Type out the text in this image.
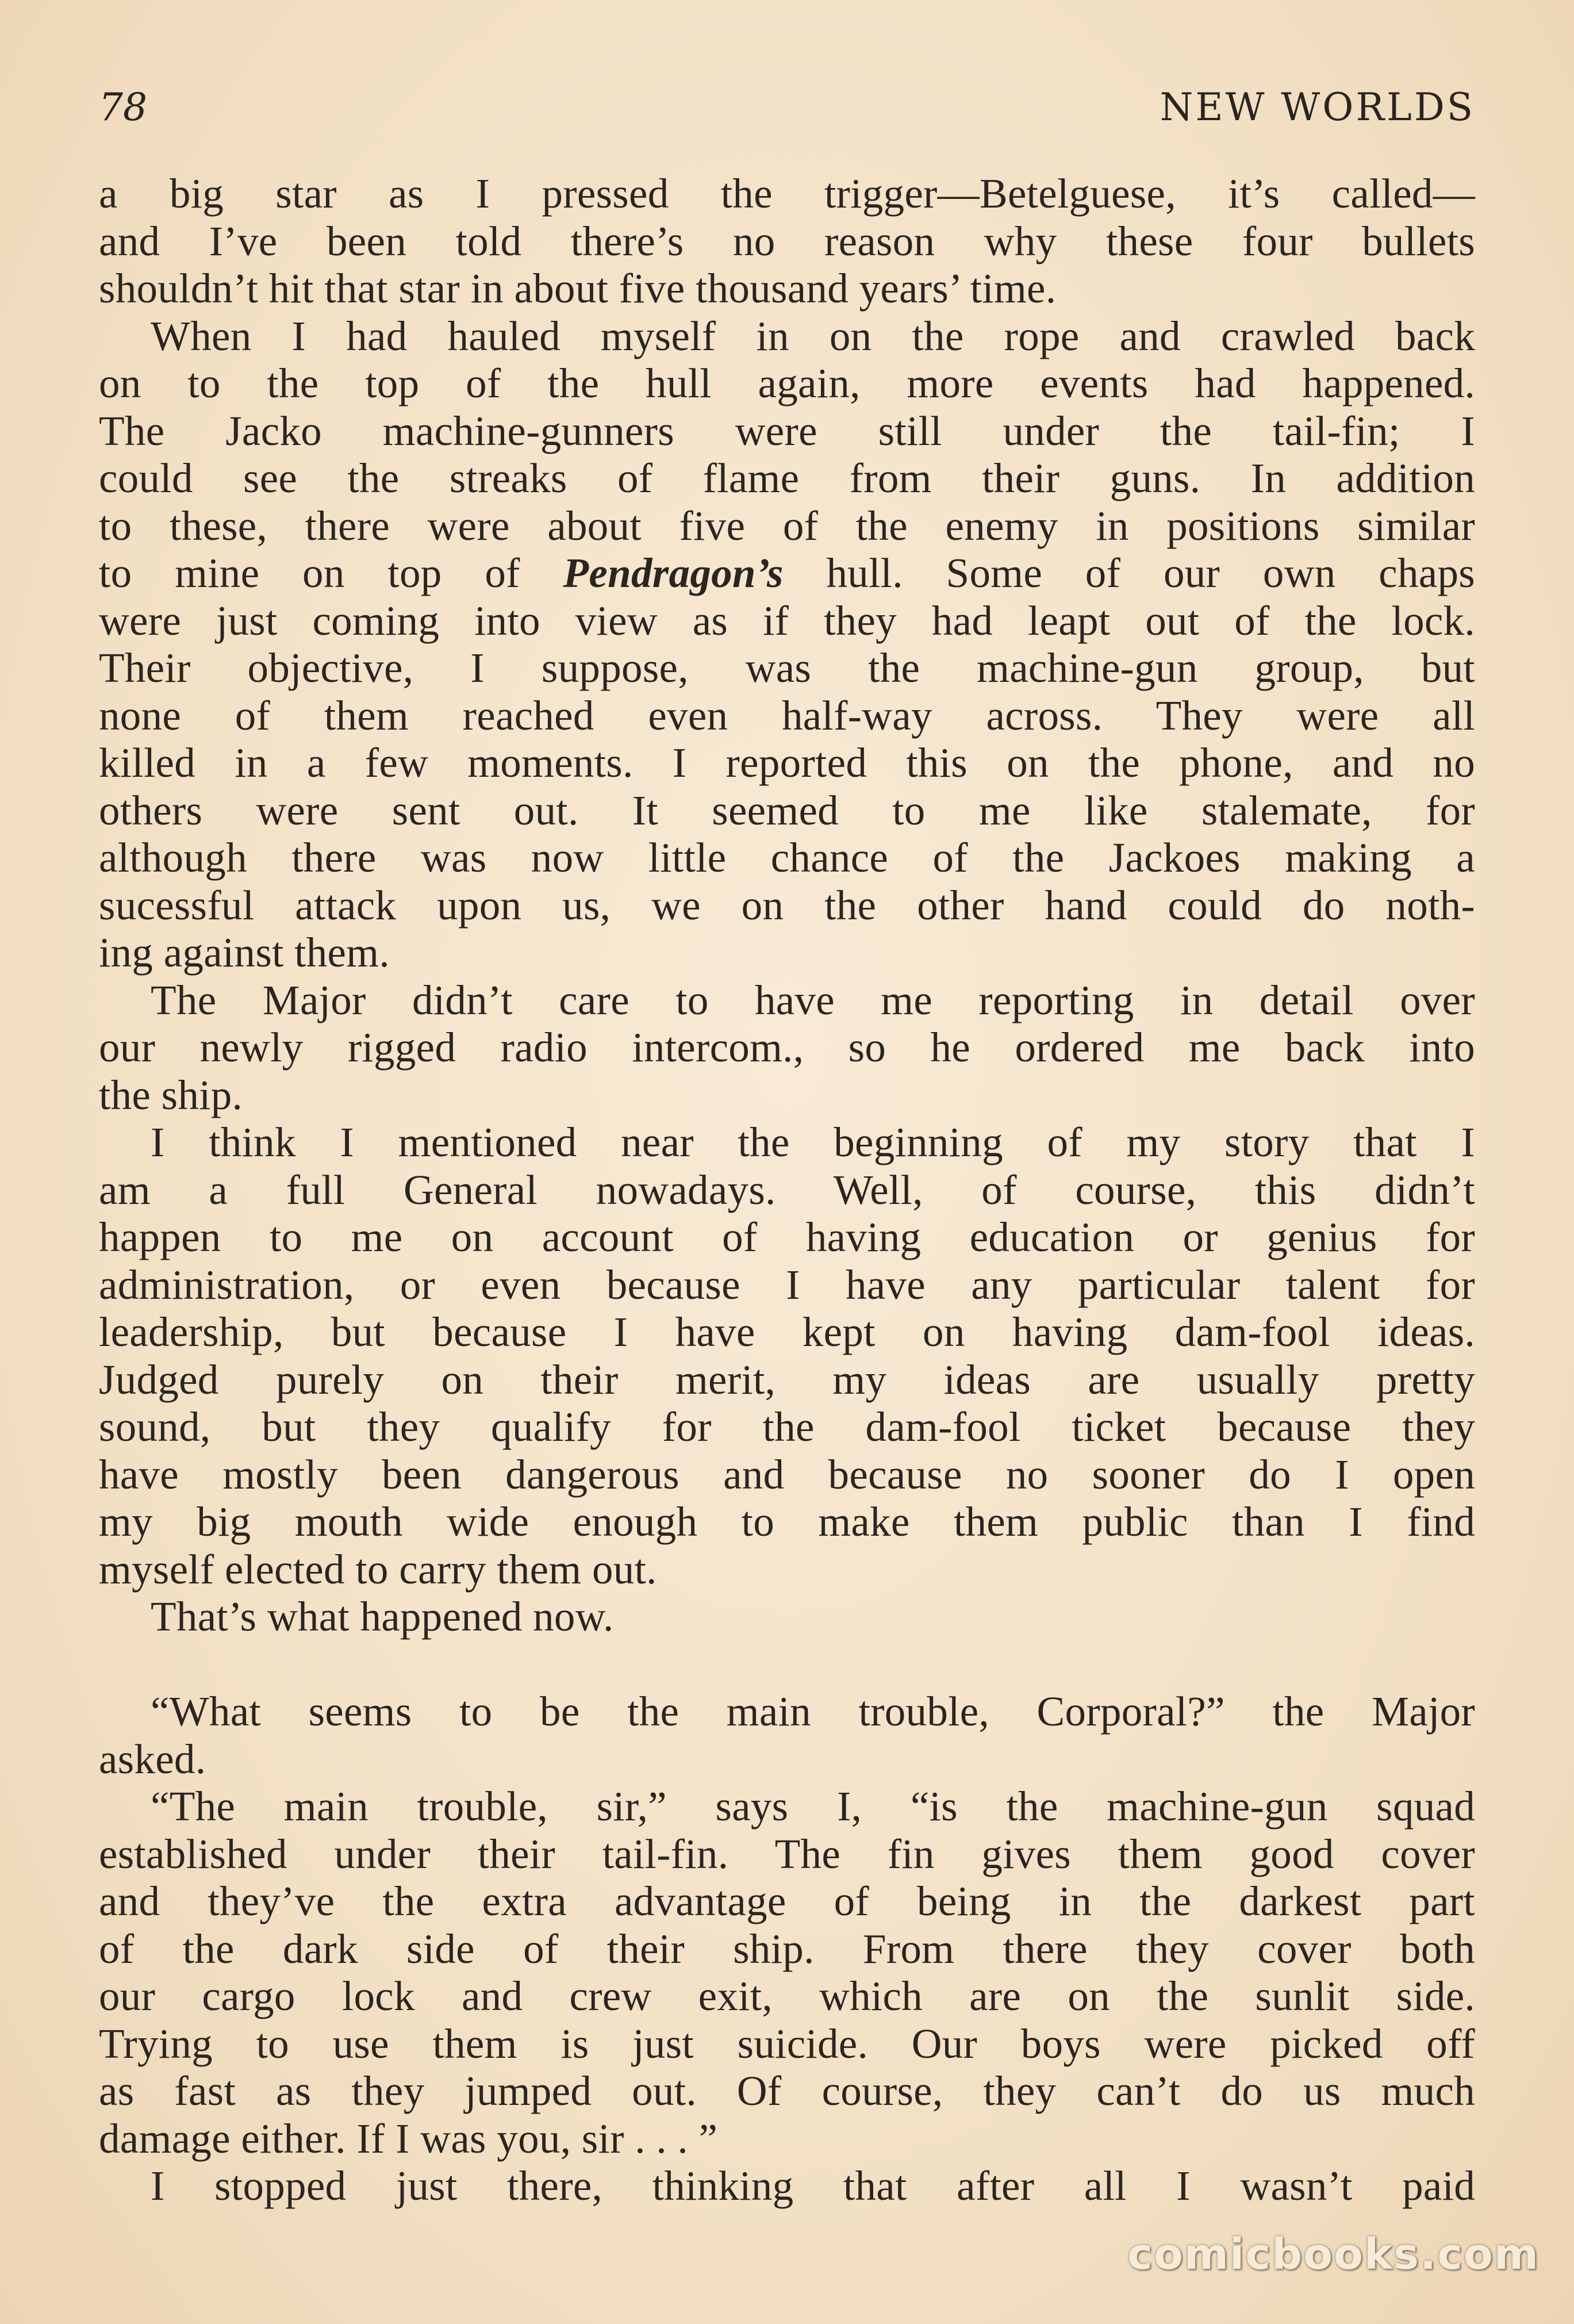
78	NEW WORLDS
a big star as I pressed the trigger—Betelguese, it’s called—
and I’ve been told there’s no reason why these four bullets
shouldn’t hit that star in about five thousand years’ time.
When I had hauled myself in on the rope and crawled back
on to the top of the hull again, more events had happened.
The Jacko machine-gunners were still under the tail-fin; I
could see the streaks of flame from their guns. In addition
to these, there were about five of the enemy in positions similar
to mine on top of Pendragon’s hull. Some of our own chaps
were just coming into view as if they had leapt out of the lock.
Their objective, I suppose, was the machine-gun group, but
none of them reached even half-way across. They were all
killed in a few moments. I reported this on the phone, and no
others were sent out. It seemed to me like stalemate, for
although there was now little chance of the Jackoes making a
sucessful attack upon us, we on the other hand could do noth-
ing against them.
The Major didn’t care to have me reporting in detail over
our newly rigged radio intercom., so he ordered me back into
the ship.
I think I mentioned near the beginning of my story that I
am a full General nowadays. Well, of course, this didn’t
happen to me on account of having education or genius for
administration, or even because I have any particular talent for
leadership, but because I have kept on having dam-fool ideas.
Judged purely on their merit, my ideas are usually pretty
sound, but they qualify for the dam-fool ticket because they
have mostly been dangerous and because no sooner do I open
my big mouth wide enough to make them public than I find
myself elected to carry them out.
That’s what happened now.
“What seems to be the main trouble, Corporal?” the Major
asked.
“The main trouble, sir,” says I, “is the machine-gun squad
established under their tail-fin. The fin gives them good cover
and they’ve the extra advantage of being in the darkest part
of the dark side of their ship. From there they cover both
our cargo lock and crew exit, which are on the sunlit side.
Trying to use them is just suicide. Our boys were picked off
as fast as they jumped out. Of course, they can’t do us much
damage either. If I was you, sir . . . ”
I stopped just there, thinking that after all I wasn’t paid
comicbooks.com
